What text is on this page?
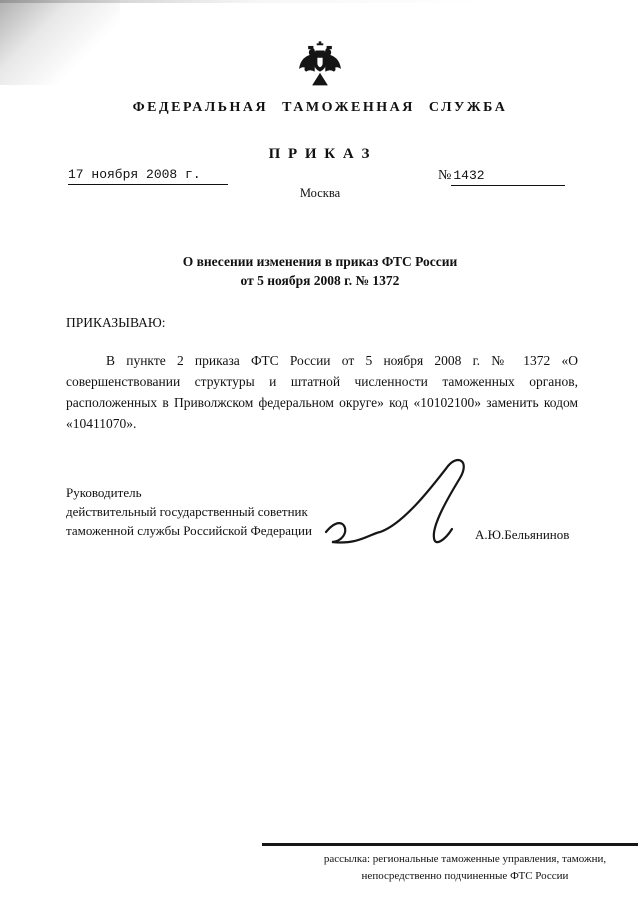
ФЕДЕРАЛЬНАЯ ТАМОЖЕННАЯ СЛУЖБА
П Р И К А З
17 ноября 2008 г.	№ 1432
Москва
О внесении изменения в приказ ФТС России
от 5 ноября 2008 г. № 1372
ПРИКАЗЫВАЮ:
В пункте 2 приказа ФТС России от 5 ноября 2008 г. № 1372 «О совершенствовании структуры и штатной численности таможенных органов, расположенных в Приволжском федеральном округе» код «10102100» заменить кодом «10411070».
Руководитель
действительный государственный советник
таможенной службы Российской Федерации	А.Ю.Бельянинов
рассылка: региональные таможенные управления, таможни,
непосредственно подчиненные ФТС России
